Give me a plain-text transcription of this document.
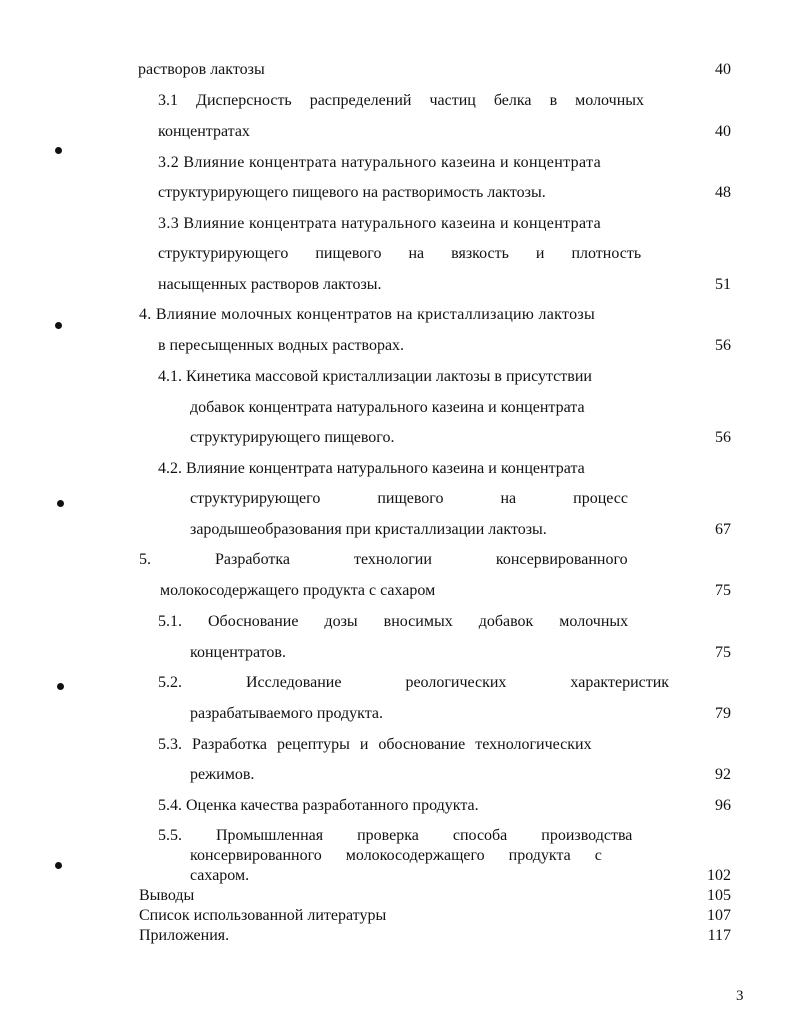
растворов лактозы	40
3.1 Дисперсность распределений частиц белка в молочных
концентратах	40
3.2 Влияние концентрата натурального казеина и концентрата
структурирующего пищевого на растворимость лактозы.	48
3.3 Влияние концентрата натурального казеина и концентрата
структурирующего пищевого на вязкость и плотность
насыщенных растворов лактозы.	51
4. Влияние молочных концентратов на кристаллизацию лактозы
в пересыщенных водных растворах.	56
4.1. Кинетика массовой кристаллизации лактозы в присутствии
добавок концентрата натурального казеина и концентрата
структурирующего пищевого.	56
4.2. Влияние концентрата натурального казеина и концентрата
структурирующего пищевого на процесс
зародышеобразования при кристаллизации лактозы.	67
5. Разработка технологии консервированного
молокосодержащего продукта с сахаром	75
5.1. Обоснование дозы вносимых добавок молочных
концентратов.	75
5.2. Исследование реологических характеристик
разрабатываемого продукта.	79
5.3. Разработка рецептуры и обоснование технологических
режимов.	92
5.4. Оценка качества разработанного продукта.	96
5.5. Промышленная проверка способа производства
консервированного молокосодержащего продукта с
сахаром.	102
Выводы	105
Список использованной литературы	107
Приложения.	117
3
